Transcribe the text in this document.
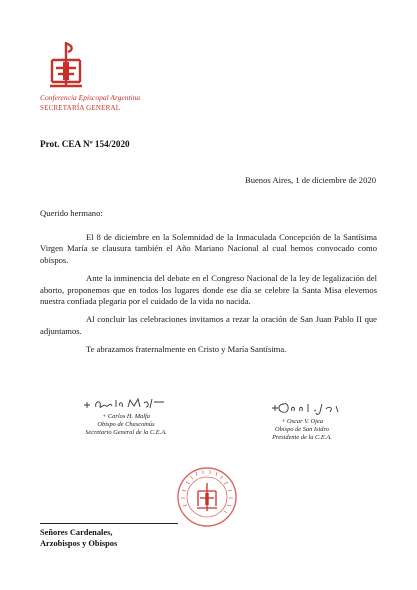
Conferencia Episcopal Argentina
SECRETARÍA GENERAL
Prot. CEA Nº 154/2020
Buenos Aires, 1 de diciembre de 2020
Querido hermano:

El 8 de diciembre en la Solemnidad de la Inmaculada Concepción de la Santísima Virgen María se clausura también el Año Mariano Nacional al cual hemos convocado como obispos.

Ante la inminencia del debate en el Congreso Nacional de la ley de legalización del aborto, proponemos que en todos los lugares donde ese día se celebre la Santa Misa elevemos nuestra confiada plegaria por el cuidado de la vida no nacida.

Al concluir las celebraciones invitamos a rezar la oración de San Juan Pablo II que adjuntamos.

Te abrazamos fraternalmente en Cristo y María Santísima.

+ Carlos H. Malfa
Obispo de Chascomús
Secretario General de la C.E.A.
+ Oscar V. Ojea
Obispo de San Isidro
Presidente de la C.E.A.
Señores Cardenales,
Arzobispos y Obispos
